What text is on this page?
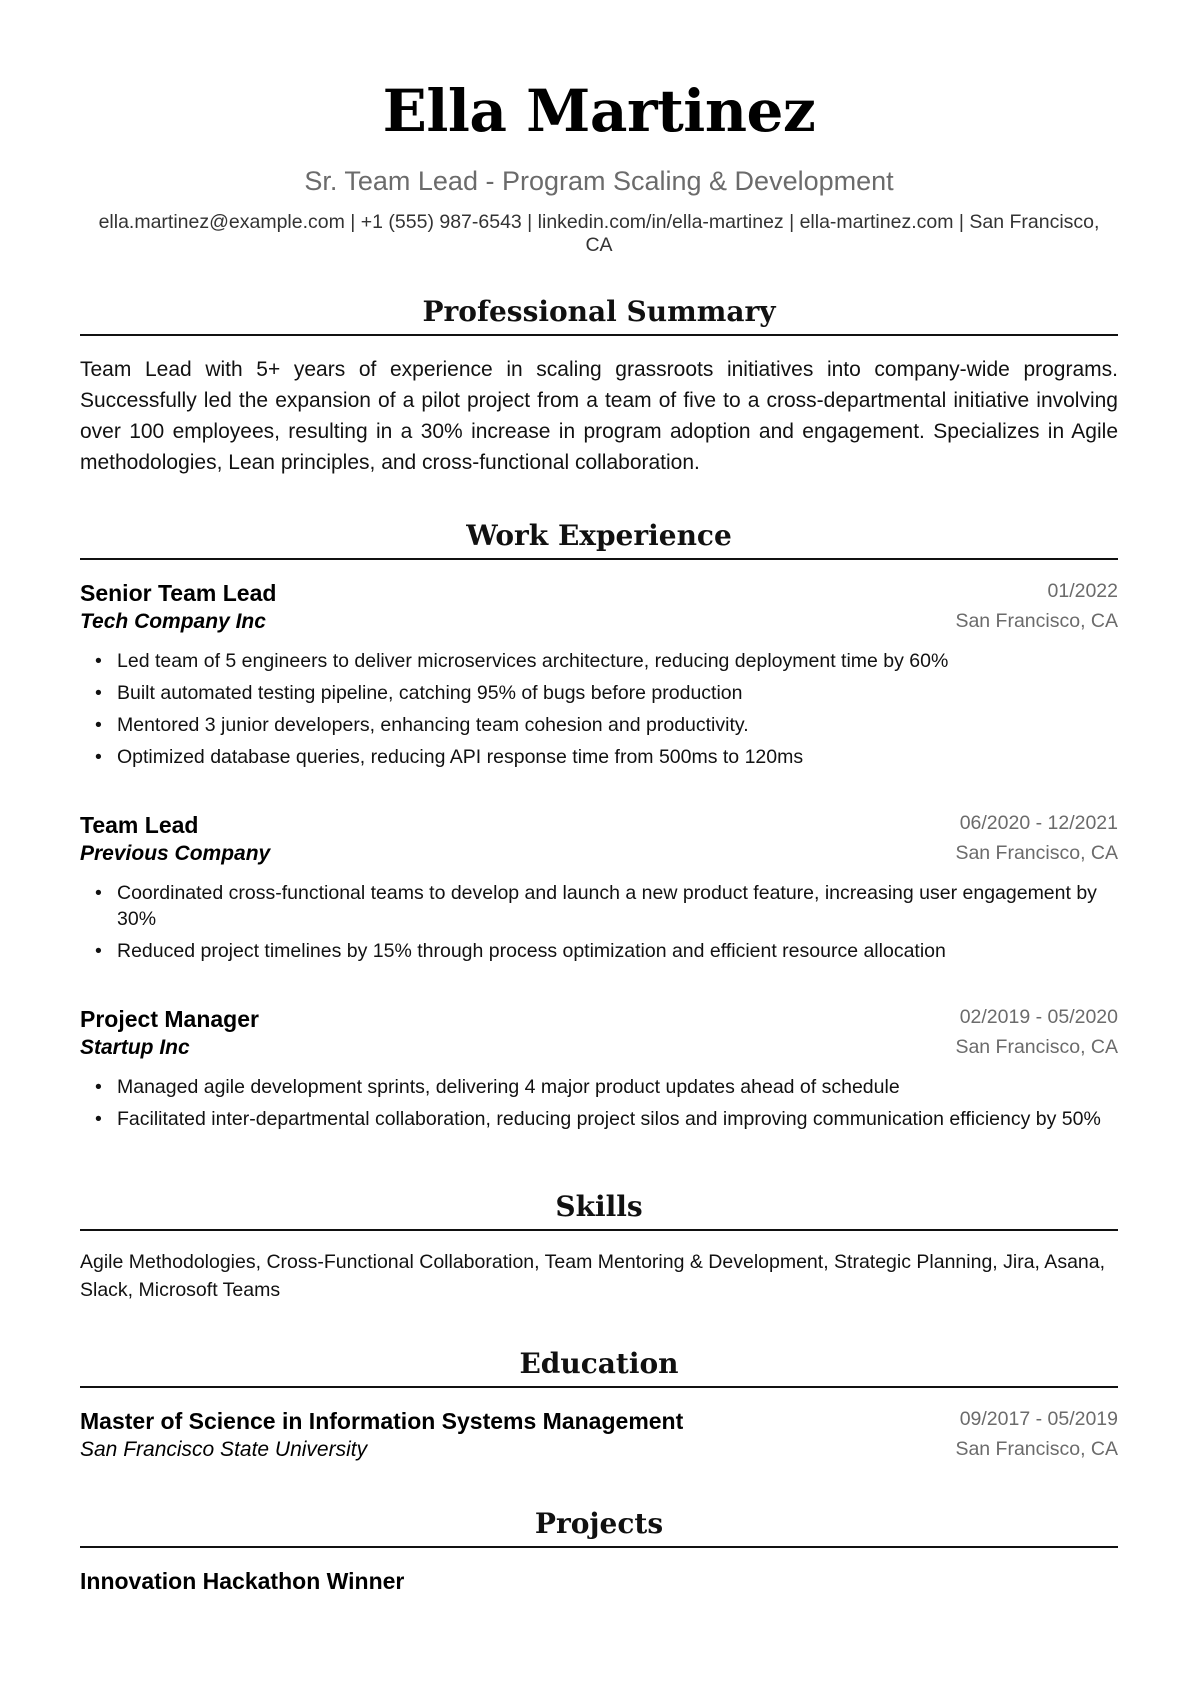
Ella Martinez
Sr. Team Lead - Program Scaling & Development
ella.martinez@example.com | +1 (555) 987-6543 | linkedin.com/in/ella-martinez | ella-martinez.com | San Francisco,
CA
Professional Summary
Team Lead with 5+ years of experience in scaling grassroots initiatives into company-wide programs. Successfully led the expansion of a pilot project from a team of five to a cross-departmental initiative involving over 100 employees, resulting in a 30% increase in program adoption and engagement. Specializes in Agile methodologies, Lean principles, and cross-functional collaboration.
Work Experience
Senior Team Lead	01/2022
Tech Company Inc	San Francisco, CA
• Led team of 5 engineers to deliver microservices architecture, reducing deployment time by 60%
• Built automated testing pipeline, catching 95% of bugs before production
• Mentored 3 junior developers, enhancing team cohesion and productivity.
• Optimized database queries, reducing API response time from 500ms to 120ms
Team Lead	06/2020 - 12/2021
Previous Company	San Francisco, CA
• Coordinated cross-functional teams to develop and launch a new product feature, increasing user engagement by 30%
• Reduced project timelines by 15% through process optimization and efficient resource allocation
Project Manager	02/2019 - 05/2020
Startup Inc	San Francisco, CA
• Managed agile development sprints, delivering 4 major product updates ahead of schedule
• Facilitated inter-departmental collaboration, reducing project silos and improving communication efficiency by 50%
Skills
Agile Methodologies, Cross-Functional Collaboration, Team Mentoring & Development, Strategic Planning, Jira, Asana, Slack, Microsoft Teams
Education
Master of Science in Information Systems Management	09/2017 - 05/2019
San Francisco State University	San Francisco, CA
Projects
Innovation Hackathon Winner
